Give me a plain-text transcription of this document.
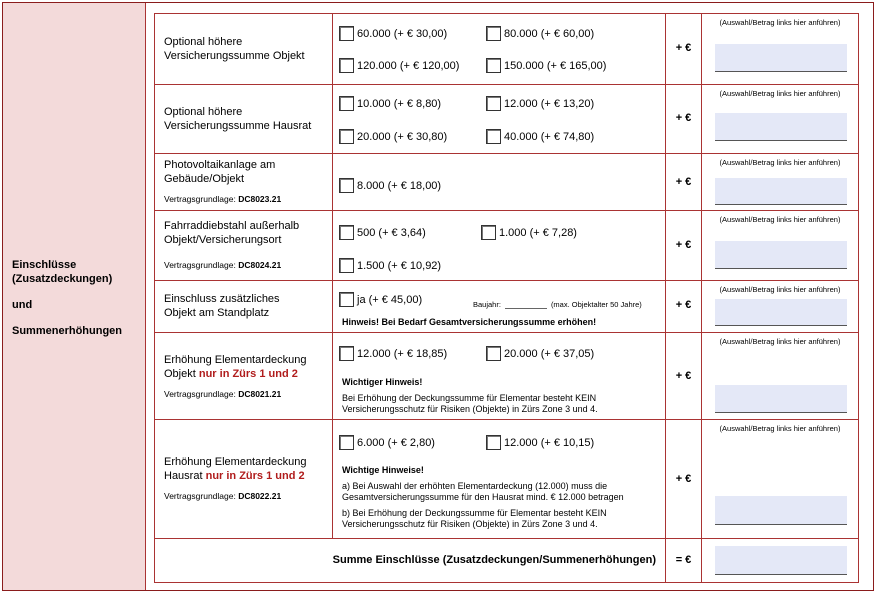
Einschlüsse
(Zusatzdeckungen)
und
Summenerhöhungen
Optional höhere
Versicherungssumme Objekt
60.000 (+ € 30,00)	80.000 (+ € 60,00)
120.000 (+ € 120,00)	150.000 (+ € 165,00)
+ €
(Auswahl/Betrag links hier anführen)
Optional höhere
Versicherungssumme Hausrat
10.000 (+ € 8,80)	12.000 (+ € 13,20)
20.000 (+ € 30,80)	40.000 (+ € 74,80)
+ €
(Auswahl/Betrag links hier anführen)
Photovoltaikanlage am
Gebäude/Objekt
Vertragsgrundlage: DC8023.21
8.000 (+ € 18,00)	+ €
(Auswahl/Betrag links hier anführen)
Fahrraddiebstahl außerhalb
Objekt/Versicherungsort
Vertragsgrundlage: DC8024.21
500 (+ € 3,64)	1.000 (+ € 7,28)
1.500 (+ € 10,92)
+ €
(Auswahl/Betrag links hier anführen)
Einschluss zusätzliches
Objekt am Standplatz
ja (+ € 45,00)	Baujahr:	(max. Objektalter 50 Jahre)
Hinweis! Bei Bedarf Gesamtversicherungssumme erhöhen!
+ €
(Auswahl/Betrag links hier anführen)
Erhöhung Elementardeckung
Objekt nur in Zürs 1 und 2
Vertragsgrundlage: DC8021.21
12.000 (+ € 18,85)	20.000 (+ € 37,05)
Wichtiger Hinweis!
Bei Erhöhung der Deckungssumme für Elementar besteht KEIN
Versicherungsschutz für Risiken (Objekte) in Zürs Zone 3 und 4.
+ €
(Auswahl/Betrag links hier anführen)
Erhöhung Elementardeckung
Hausrat nur in Zürs 1 und 2
Vertragsgrundlage: DC8022.21
6.000 (+ € 2,80)	12.000 (+ € 10,15)
Wichtige Hinweise!
a) Bei Auswahl der erhöhten Elementardeckung (12.000) muss die
Gesamtversicherungssumme für den Hausrat mind. € 12.000 betragen
b) Bei Erhöhung der Deckungssumme für Elementar besteht KEIN
Versicherungsschutz für Risiken (Objekte) in Zürs Zone 3 und 4.
+ €
(Auswahl/Betrag links hier anführen)
Summe Einschlüsse (Zusatzdeckungen/Summenerhöhungen)	= €
